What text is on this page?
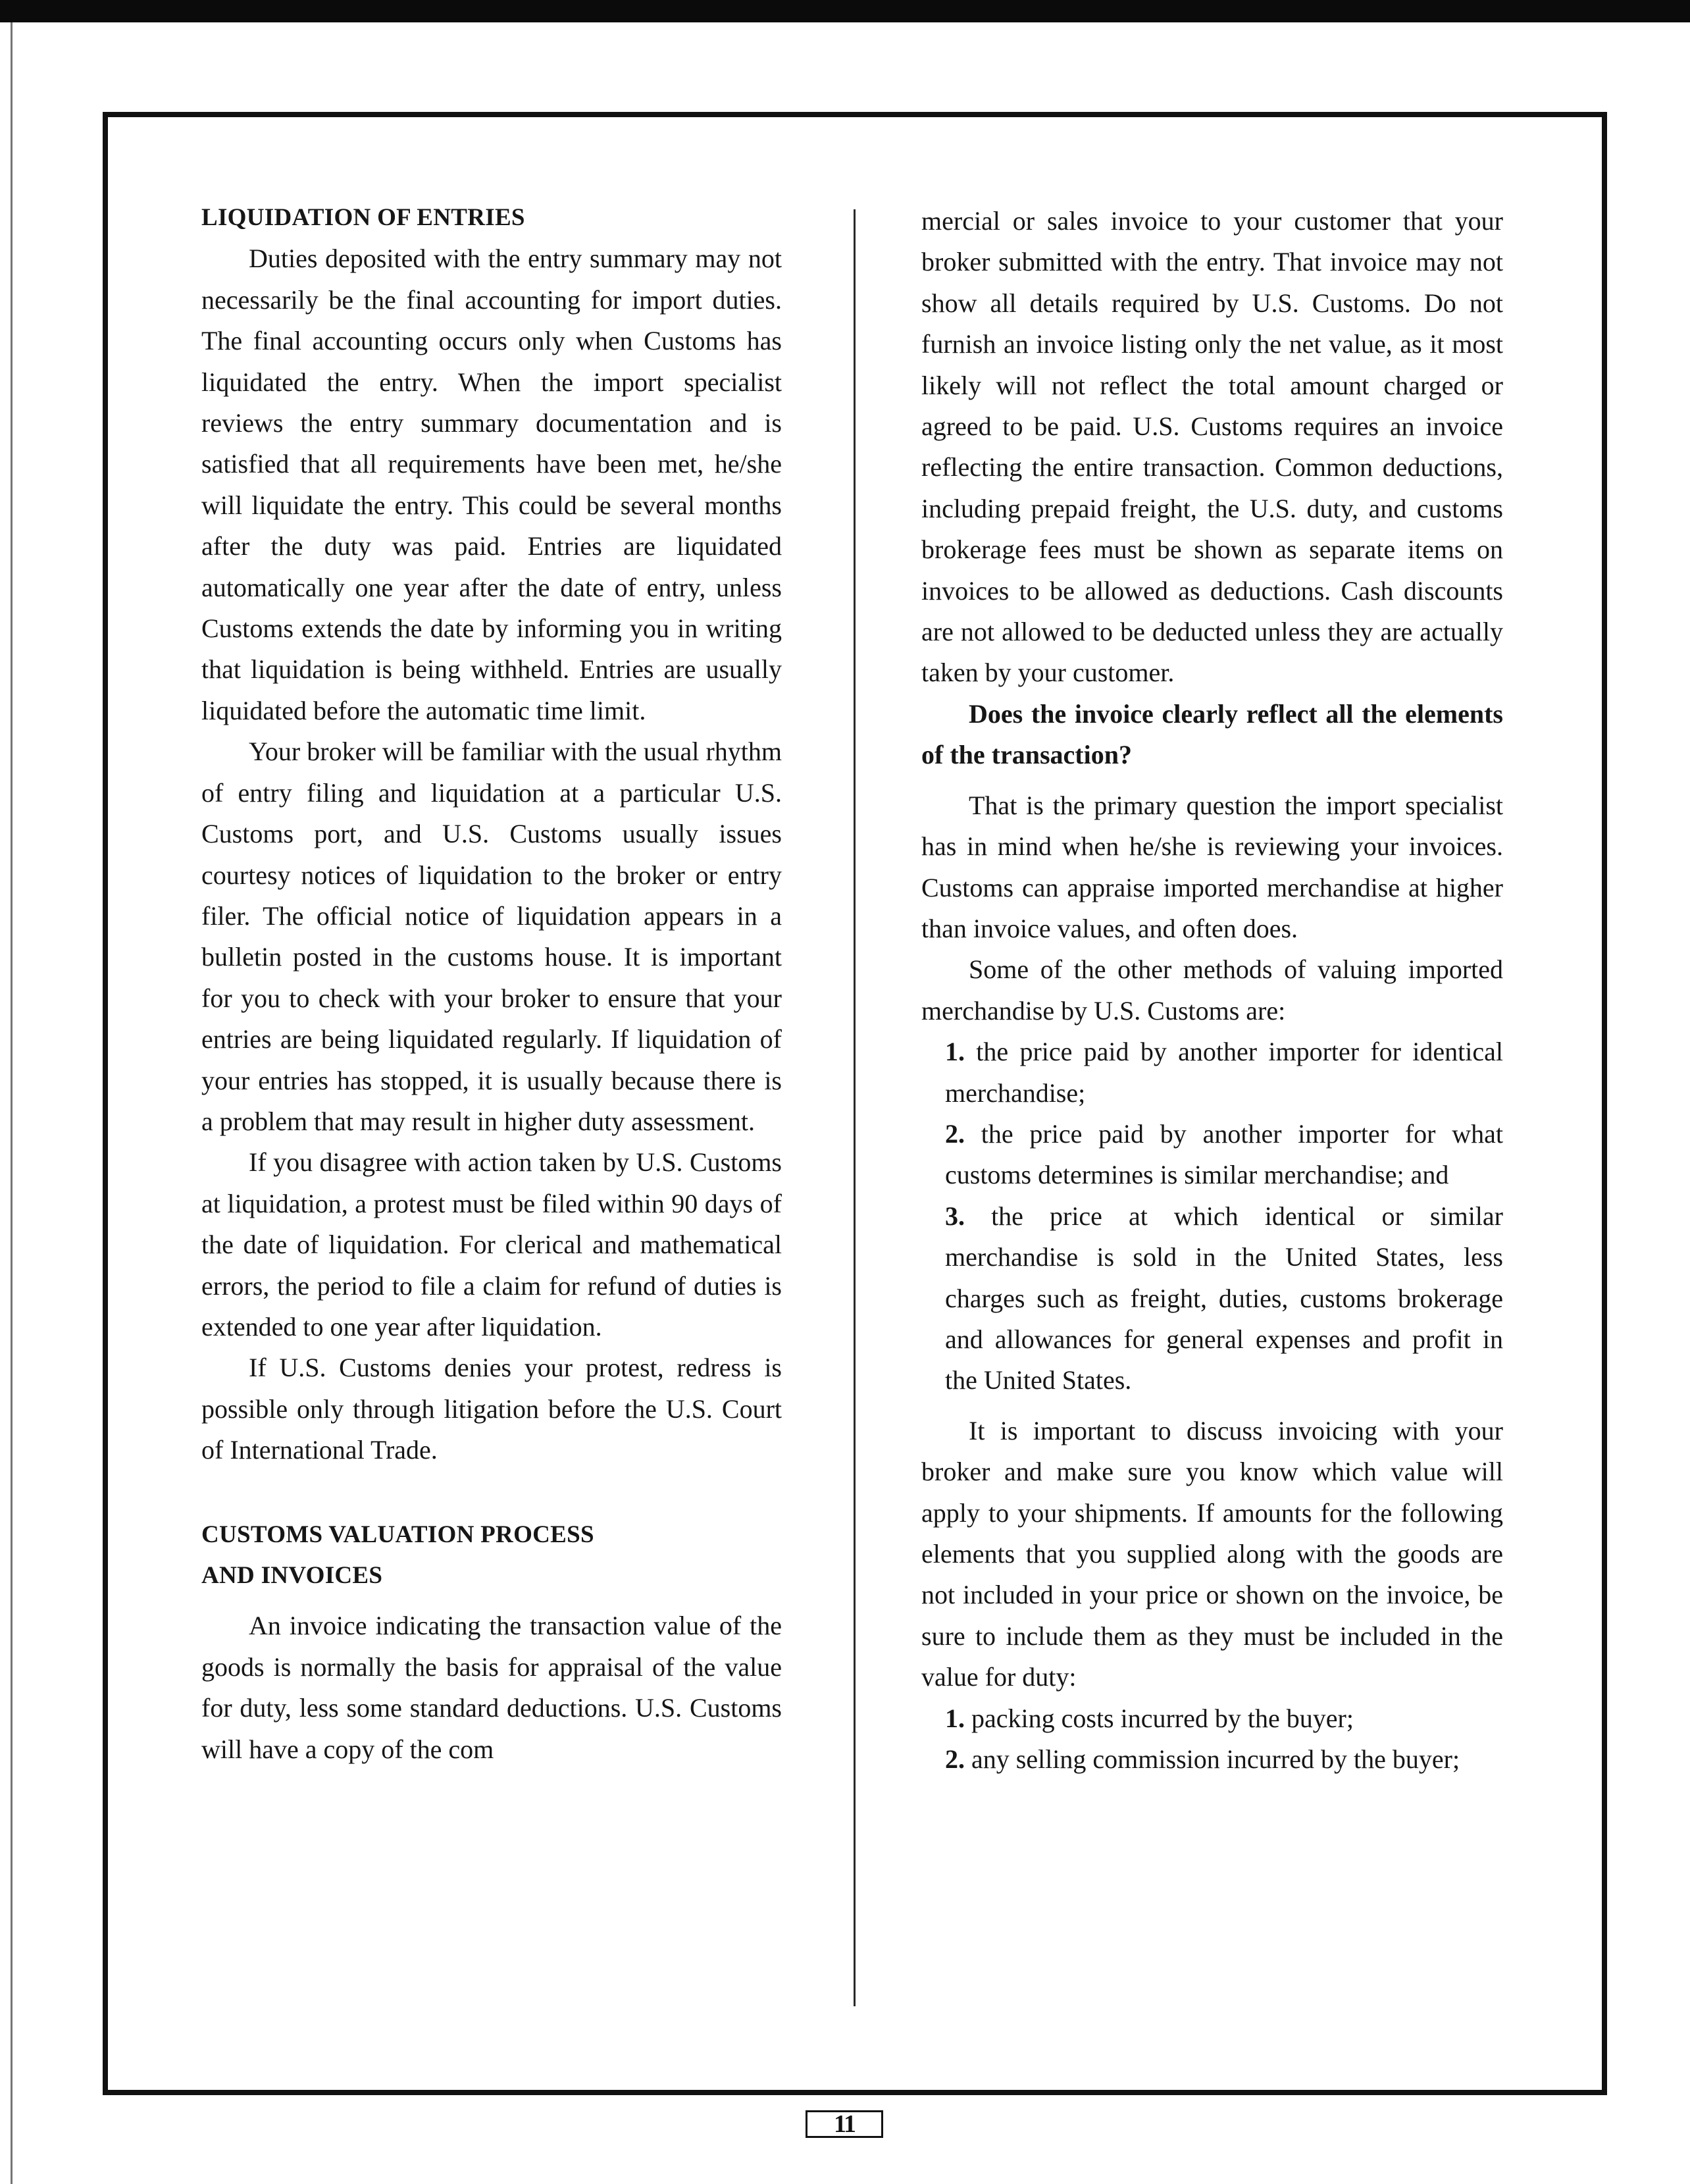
LIQUIDATION OF ENTRIES

Duties deposited with the entry summary may not necessarily be the final accounting for import duties. The final accounting occurs only when Customs has liquidated the entry. When the import specialist reviews the entry summary documentation and is satisfied that all requirements have been met, he/she will liquidate the entry. This could be several months after the duty was paid. Entries are liquidated automatically one year after the date of entry, unless Customs extends the date by informing you in writing that liquidation is being withheld. Entries are usually liquidated before the automatic time limit.

Your broker will be familiar with the usual rhythm of entry filing and liquidation at a particular U.S. Customs port, and U.S. Customs usually issues courtesy notices of liquidation to the broker or entry filer. The official notice of liquidation appears in a bulletin posted in the customs house. It is important for you to check with your broker to ensure that your entries are being liquidated regularly. If liquidation of your entries has stopped, it is usually because there is a problem that may result in higher duty assessment.

If you disagree with action taken by U.S. Customs at liquidation, a protest must be filed within 90 days of the date of liquidation. For clerical and mathematical errors, the period to file a claim for refund of duties is extended to one year after liquidation.

If U.S. Customs denies your protest, redress is possible only through litigation before the U.S. Court of International Trade.

CUSTOMS VALUATION PROCESS
AND INVOICES

An invoice indicating the transaction value of the goods is normally the basis for appraisal of the value for duty, less some standard deductions. U.S. Customs will have a copy of the com

mercial or sales invoice to your customer that your broker submitted with the entry. That invoice may not show all details required by U.S. Customs. Do not furnish an invoice listing only the net value, as it most likely will not reflect the total amount charged or agreed to be paid. U.S. Customs requires an invoice reflecting the entire transaction. Common deductions, including prepaid freight, the U.S. duty, and customs brokerage fees must be shown as separate items on invoices to be allowed as deductions. Cash discounts are not allowed to be deducted unless they are actually taken by your customer.

Does the invoice clearly reflect all the elements of the transaction?

That is the primary question the import specialist has in mind when he/she is reviewing your invoices. Customs can appraise imported merchandise at higher than invoice values, and often does.

Some of the other methods of valuing imported merchandise by U.S. Customs are:

1. the price paid by another importer for identical merchandise;
2. the price paid by another importer for what customs determines is similar merchandise; and
3. the price at which identical or similar merchandise is sold in the United States, less charges such as freight, duties, customs brokerage and allowances for general expenses and profit in the United States.

It is important to discuss invoicing with your broker and make sure you know which value will apply to your shipments. If amounts for the following elements that you supplied along with the goods are not included in your price or shown on the invoice, be sure to include them as they must be included in the value for duty:

1. packing costs incurred by the buyer;
2. any selling commission incurred by the buyer;
11
